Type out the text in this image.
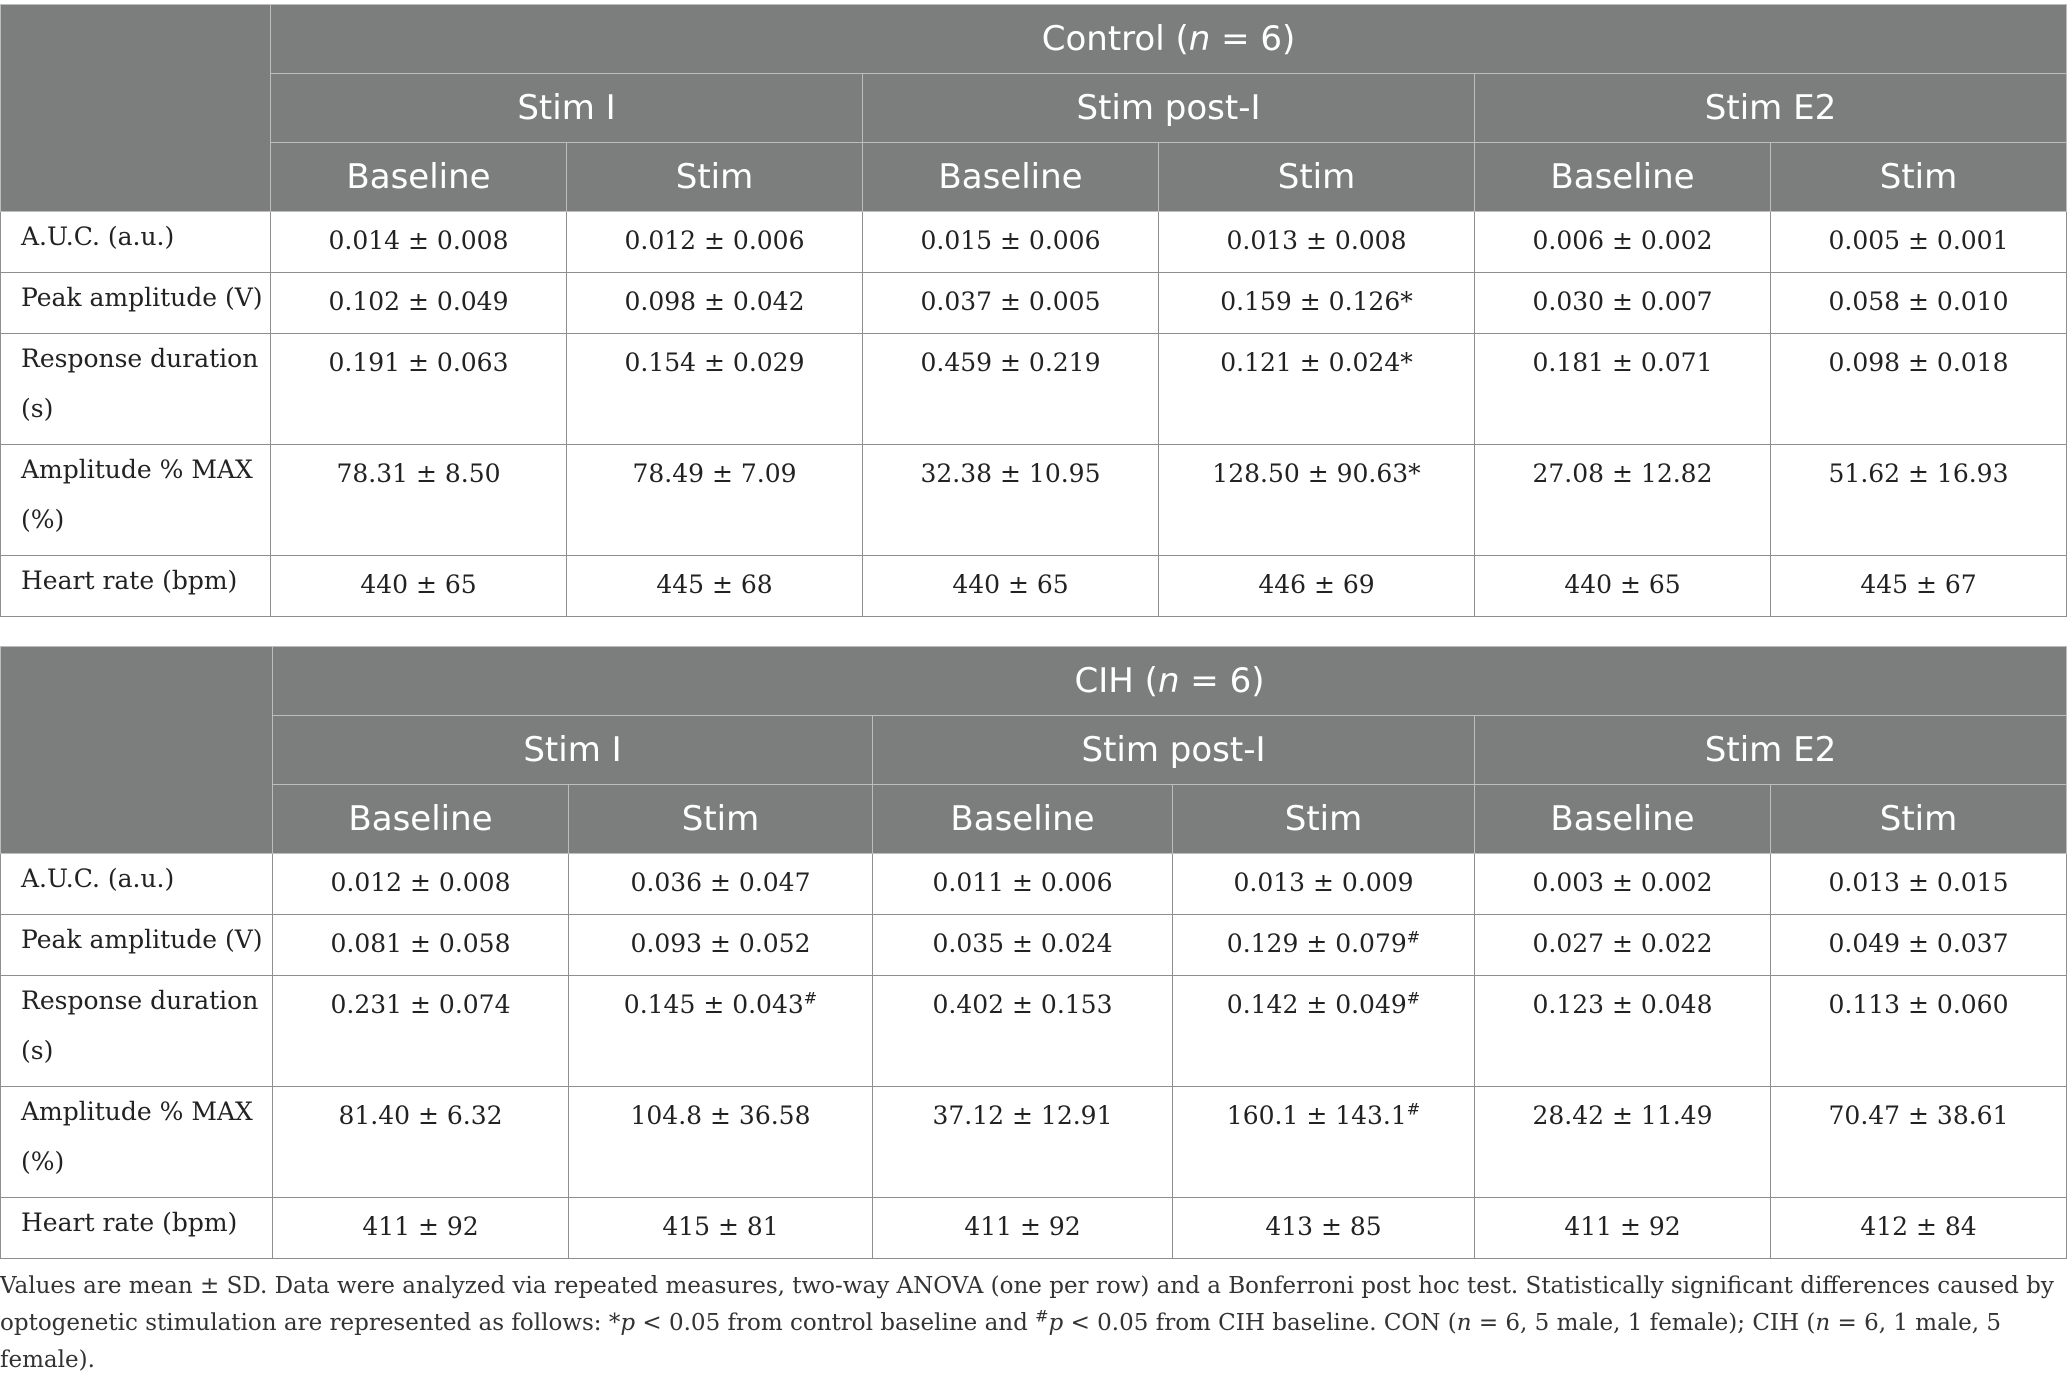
	Control (n = 6)					
	Stim I		Stim post-I		Stim E2	
	Baseline	Stim	Baseline	Stim	Baseline	Stim
A.U.C. (a.u.)	0.014 ± 0.008	0.012 ± 0.006	0.015 ± 0.006	0.013 ± 0.008	0.006 ± 0.002	0.005 ± 0.001
Peak amplitude (V)	0.102 ± 0.049	0.098 ± 0.042	0.037 ± 0.005	0.159 ± 0.126*	0.030 ± 0.007	0.058 ± 0.010
Response duration (s)	0.191 ± 0.063	0.154 ± 0.029	0.459 ± 0.219	0.121 ± 0.024*	0.181 ± 0.071	0.098 ± 0.018
Amplitude % MAX (%)	78.31 ± 8.50	78.49 ± 7.09	32.38 ± 10.95	128.50 ± 90.63*	27.08 ± 12.82	51.62 ± 16.93
Heart rate (bpm)	440 ± 65	445 ± 68	440 ± 65	446 ± 69	440 ± 65	445 ± 67
	CIH (n = 6)					
	Stim I		Stim post-I		Stim E2	
	Baseline	Stim	Baseline	Stim	Baseline	Stim
A.U.C. (a.u.)	0.012 ± 0.008	0.036 ± 0.047	0.011 ± 0.006	0.013 ± 0.009	0.003 ± 0.002	0.013 ± 0.015
Peak amplitude (V)	0.081 ± 0.058	0.093 ± 0.052	0.035 ± 0.024	0.129 ± 0.079#	0.027 ± 0.022	0.049 ± 0.037
Response duration (s)	0.231 ± 0.074	0.145 ± 0.043#	0.402 ± 0.153	0.142 ± 0.049#	0.123 ± 0.048	0.113 ± 0.060
Amplitude % MAX (%)	81.40 ± 6.32	104.8 ± 36.58	37.12 ± 12.91	160.1 ± 143.1#	28.42 ± 11.49	70.47 ± 38.61
Heart rate (bpm)	411 ± 92	415 ± 81	411 ± 92	413 ± 85	411 ± 92	412 ± 84
Values are mean ± SD. Data were analyzed via repeated measures, two-way ANOVA (one per row) and a Bonferroni post hoc test. Statistically significant differences caused by optogenetic stimulation are represented as follows: *p < 0.05 from control baseline and #p < 0.05 from CIH baseline. CON (n = 6, 5 male, 1 female); CIH (n = 6, 1 male, 5 female).
